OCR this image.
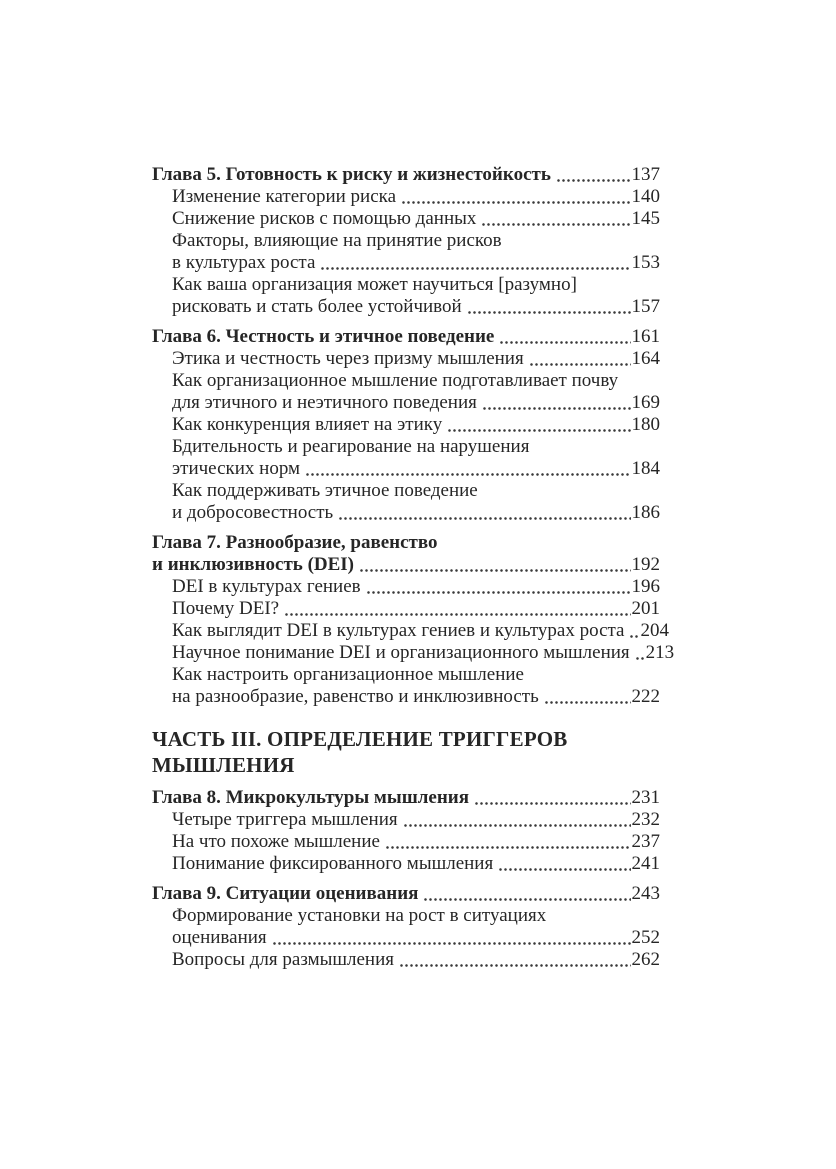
Глава 5. Готовность к риску и жизнестойкость	137
Изменение категории риска	140
Снижение рисков с помощью данных	145
Факторы, влияющие на принятие рисков
в культурах роста	153
Как ваша организация может научиться [разумно]
рисковать и стать более устойчивой	157
Глава 6. Честность и этичное поведение	161
Этика и честность через призму мышления	164
Как организационное мышление подготавливает почву
для этичного и неэтичного поведения	169
Как конкуренция влияет на этику	180
Бдительность и реагирование на нарушения
этических норм	184
Как поддерживать этичное поведение
и добросовестность	186
Глава 7. Разнообразие, равенство
и инклюзивность (DEI)	192
DEI в культурах гениев	196
Почему DEI?	201
Как выглядит DEI в культурах гениев и культурах роста 204
Научное понимание DEI и организационного мышления 213
Как настроить организационное мышление
на разнообразие, равенство и инклюзивность	222
ЧАСТЬ III. ОПРЕДЕЛЕНИЕ ТРИГГЕРОВ
МЫШЛЕНИЯ
Глава 8. Микрокультуры мышления	231
Четыре триггера мышления	232
На что похоже мышление	237
Понимание фиксированного мышления	241
Глава 9. Ситуации оценивания	243
Формирование установки на рост в ситуациях
оценивания	252
Вопросы для размышления	262
